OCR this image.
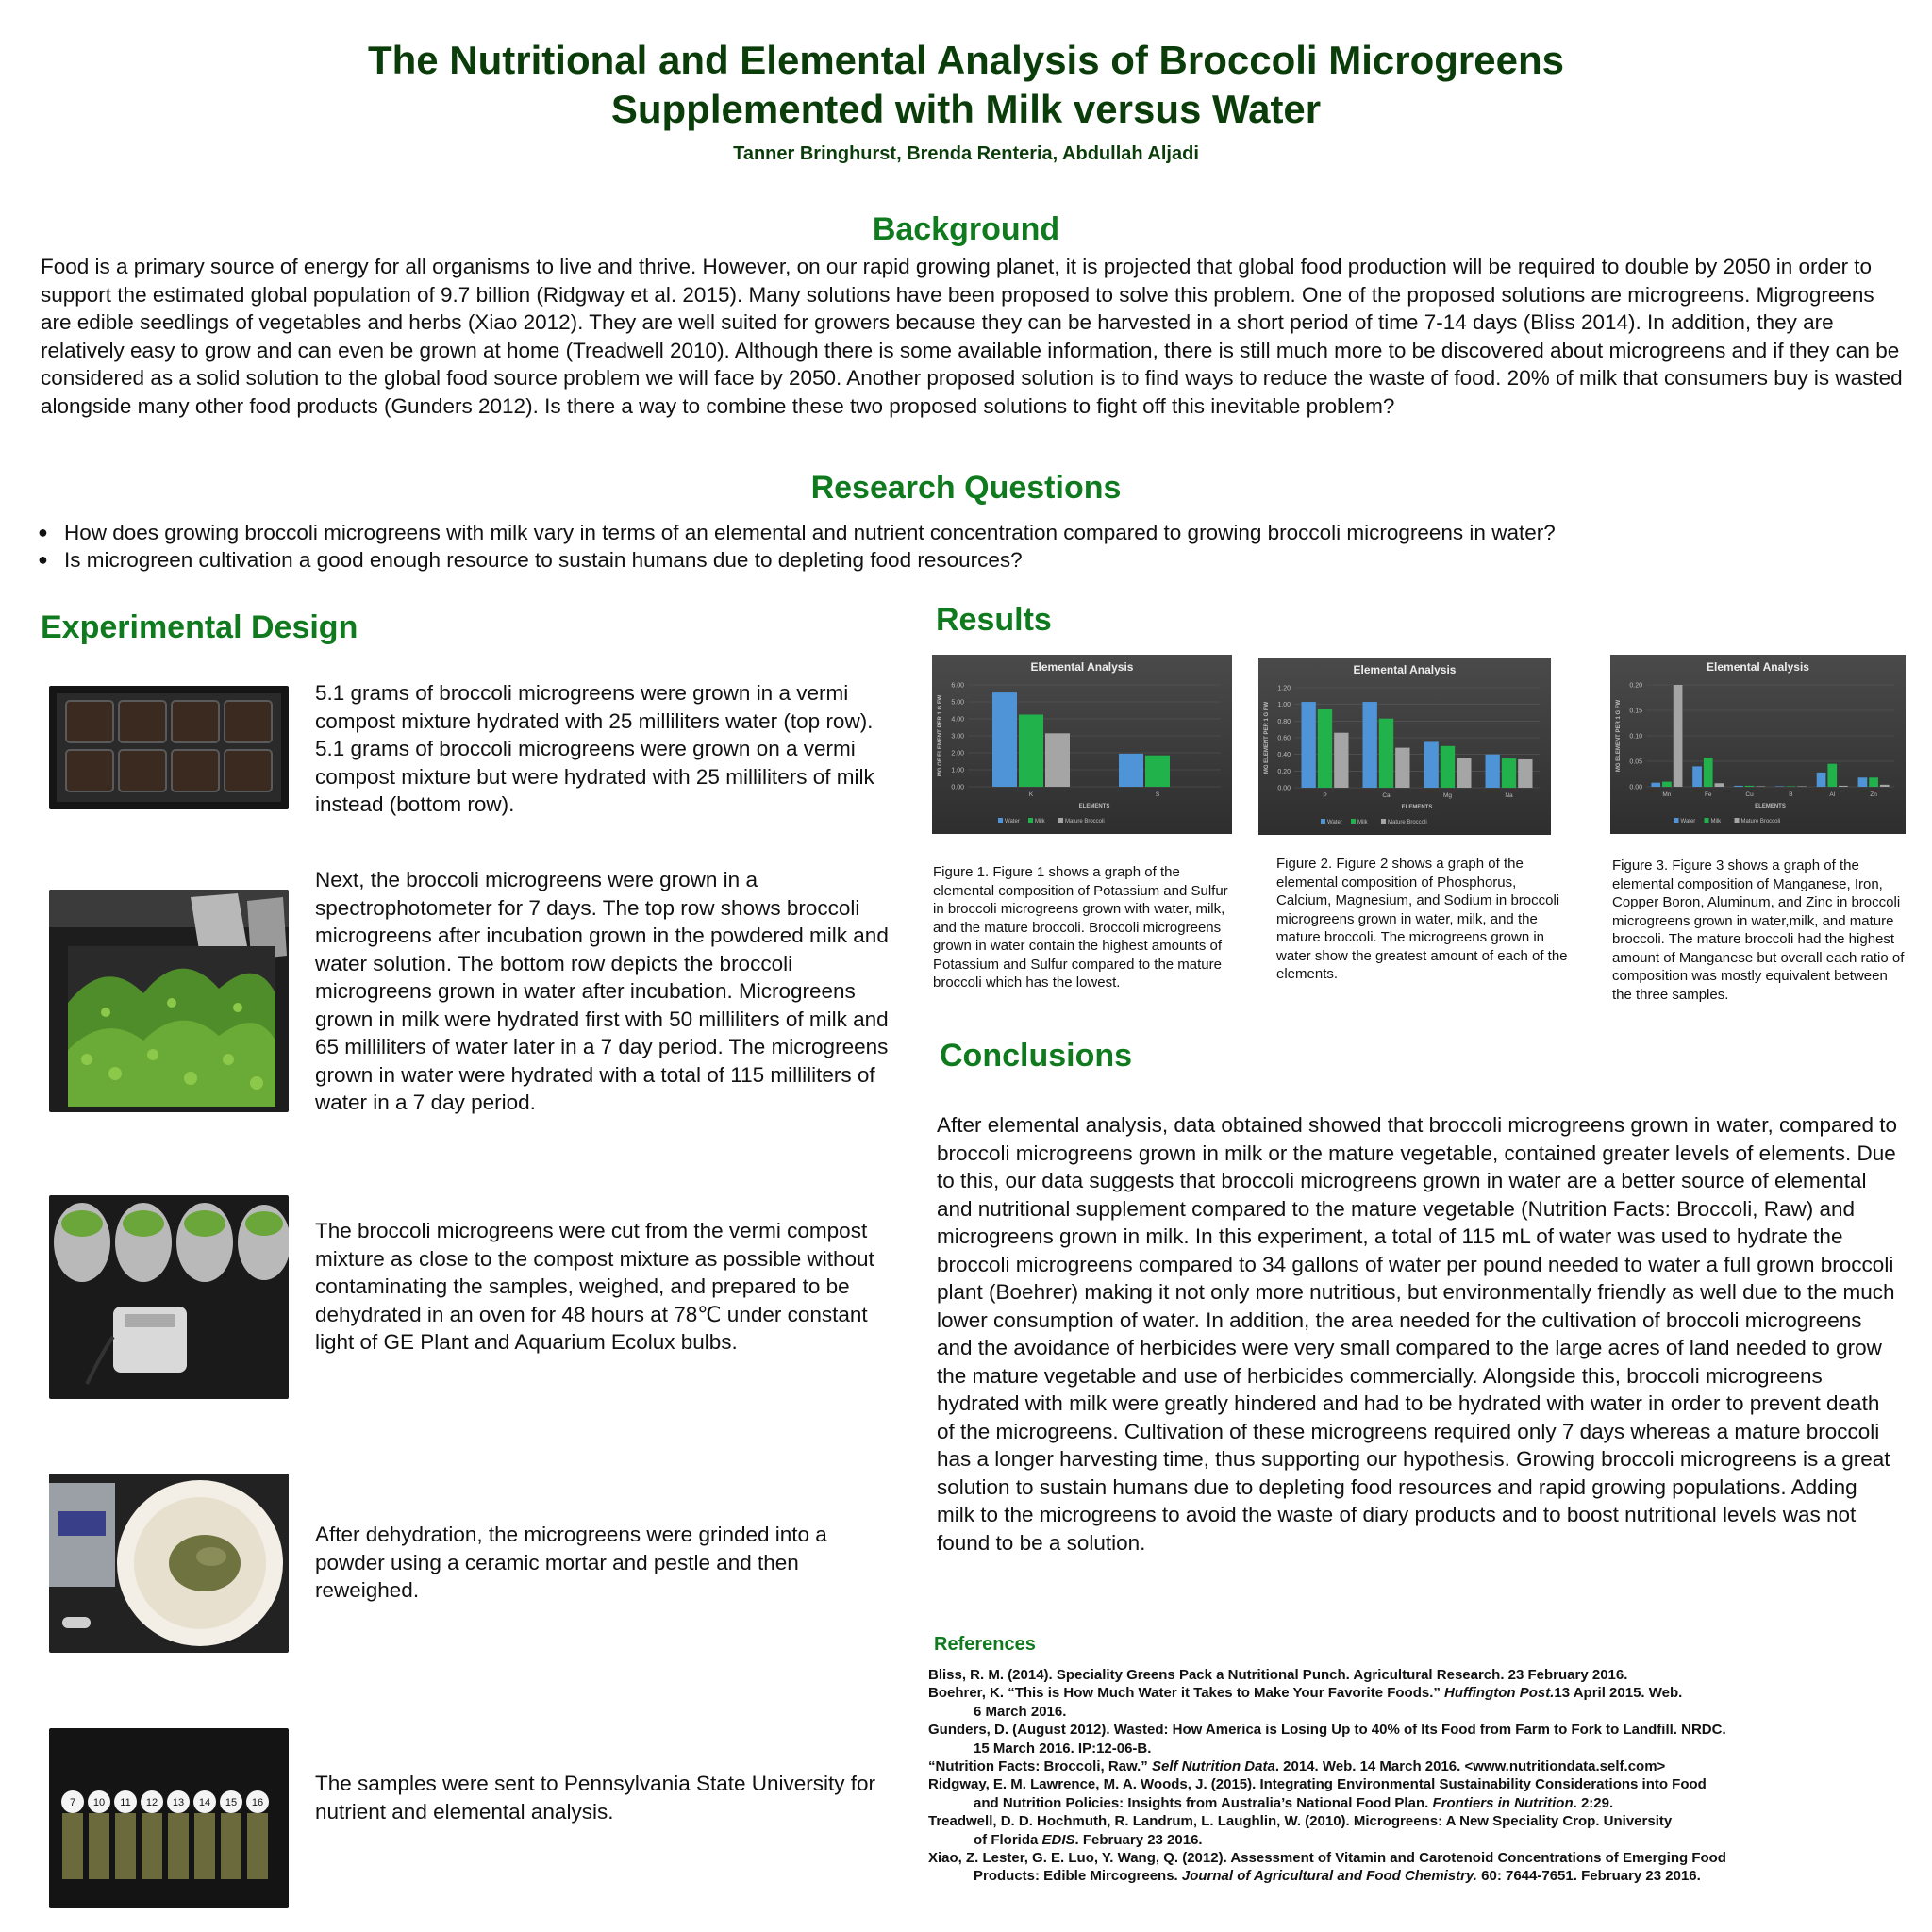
The Nutritional and Elemental Analysis of Broccoli Microgreens
Supplemented with Milk versus Water
Tanner Bringhurst, Brenda Renteria, Abdullah Aljadi
Background
Food is a primary source of energy for all organisms to live and thrive. However, on our rapid growing planet, it is projected that global food production will be required to double by 2050 in order to support the estimated global population of 9.7 billion (Ridgway et al. 2015). Many solutions have been proposed to solve this problem. One of the proposed solutions are microgreens. Migrogreens are edible seedlings of vegetables and herbs (Xiao 2012). They are well suited for growers because they can be harvested in a short period of time 7-14 days (Bliss 2014). In addition, they are relatively easy to grow and can even be grown at home (Treadwell 2010). Although there is some available information, there is still much more to be discovered about microgreens and if they can be considered as a solid solution to the global food source problem we will face by 2050. Another proposed solution is to find ways to reduce the waste of food. 20% of milk that consumers buy is wasted alongside many other food products (Gunders 2012). Is there a way to combine these two proposed solutions to fight off this inevitable problem?
Research Questions
● How does growing broccoli microgreens with milk vary in terms of an elemental and nutrient concentration compared to growing broccoli microgreens in water?
● Is microgreen cultivation a good enough resource to sustain humans due to depleting food resources?
Experimental Design
5.1 grams of broccoli microgreens were grown in a vermi compost mixture hydrated with 25 milliliters water (top row). 5.1 grams of broccoli microgreens were grown on a vermi compost mixture but were hydrated with 25 milliliters of milk instead (bottom row).
Next, the broccoli microgreens were grown in a spectrophotometer for 7 days. The top row shows broccoli microgreens after incubation grown in the powdered milk and water solution. The bottom row depicts the broccoli microgreens grown in water after incubation. Microgreens grown in milk were hydrated first with 50 milliliters of milk and 65 milliliters of water later in a 7 day period. The microgreens grown in water were hydrated with a total of 115 milliliters of water in a 7 day period.
The broccoli microgreens were cut from the vermi compost mixture as close to the compost mixture as possible without contaminating the samples, weighed, and prepared to be dehydrated in an oven for 48 hours at 78℃ under constant light of GE Plant and Aquarium Ecolux bulbs.
After dehydration, the microgreens were grinded into a powder using a ceramic mortar and pestle and then reweighed.
7 10 11 12 13 14 15 16
The samples were sent to Pennsylvania State University for nutrient and elemental analysis.
Results
Elemental Analysis
0.00
1.00
2.00
3.00
4.00
5.00
6.00
MG OF ELEMENT PER 1 G FW
K	S
ELEMENTS
Water	Milk	Mature Broccoli
Elemental Analysis
0.00
0.20
0.40
0.60
0.80
1.00
1.20
MG ELEMENT PER 1 G FW
P	Ca	Mg	Na
ELEMENTS
Water	Milk	Mature Broccoli
Elemental Analysis
0.00
0.05
0.10
0.15
0.20
MG ELEMENT PER 1 G FW
Mn	Fe	Cu	B	Al	Zn
ELEMENTS
Water	Milk	Mature Broccoli
Figure 1. Figure 1 shows a graph of the elemental composition of Potassium and Sulfur in broccoli microgreens grown with water, milk, and the mature broccoli. Broccoli microgreens grown in water contain the highest amounts of Potassium and Sulfur compared to the mature broccoli which has the lowest.
Figure 2. Figure 2 shows a graph of the elemental composition of Phosphorus, Calcium, Magnesium, and Sodium in broccoli microgreens grown in water, milk, and the mature broccoli. The microgreens grown in water show the greatest amount of each of the elements.
Figure 3. Figure 3 shows a graph of the elemental composition of Manganese, Iron, Copper Boron, Aluminum, and Zinc in broccoli microgreens grown in water,milk, and mature broccoli. The mature broccoli had the highest amount of Manganese but overall each ratio of composition was mostly equivalent between the three samples.
Conclusions
After elemental analysis, data obtained showed that broccoli microgreens grown in water, compared to broccoli microgreens grown in milk or the mature vegetable, contained greater levels of elements. Due to this, our data suggests that broccoli microgreens grown in water are a better source of elemental and nutritional supplement compared to the mature vegetable (Nutrition Facts: Broccoli, Raw) and microgreens grown in milk. In this experiment, a total of 115 mL of water was used to hydrate the broccoli microgreens compared to 34 gallons of water per pound needed to water a full grown broccoli plant (Boehrer) making it not only more nutritious, but environmentally friendly as well due to the much lower consumption of water. In addition, the area needed for the cultivation of broccoli microgreens and the avoidance of herbicides were very small compared to the large acres of land needed to grow the mature vegetable and use of herbicides commercially. Alongside this, broccoli microgreens hydrated with milk were greatly hindered and had to be hydrated with water in order to prevent death of the microgreens. Cultivation of these microgreens required only 7 days whereas a mature broccoli has a longer harvesting time, thus supporting our hypothesis. Growing broccoli microgreens is a great solution to sustain humans due to depleting food resources and rapid growing populations. Adding milk to the microgreens to avoid the waste of diary products and to boost nutritional levels was not found to be a solution.
References
Bliss, R. M. (2014). Speciality Greens Pack a Nutritional Punch. Agricultural Research. 23 February 2016.
Boehrer, K. “This is How Much Water it Takes to Make Your Favorite Foods.” Huffington Post.13 April 2015. Web.
6 March 2016.
Gunders, D. (August 2012). Wasted: How America is Losing Up to 40% of Its Food from Farm to Fork to Landfill. NRDC.
15 March 2016. IP:12-06-B.
“Nutrition Facts: Broccoli, Raw.” Self Nutrition Data. 2014. Web. 14 March 2016. <www.nutritiondata.self.com>
Ridgway, E. M. Lawrence, M. A. Woods, J. (2015). Integrating Environmental Sustainability Considerations into Food
and Nutrition Policies: Insights from Australia’s National Food Plan. Frontiers in Nutrition. 2:29.
Treadwell, D. D. Hochmuth, R. Landrum, L. Laughlin, W. (2010). Microgreens: A New Speciality Crop. University
of Florida EDIS. February 23 2016.
Xiao, Z. Lester, G. E. Luo, Y. Wang, Q. (2012). Assessment of Vitamin and Carotenoid Concentrations of Emerging Food
Products: Edible Mircogreens. Journal of Agricultural and Food Chemistry. 60: 7644-7651. February 23 2016.
